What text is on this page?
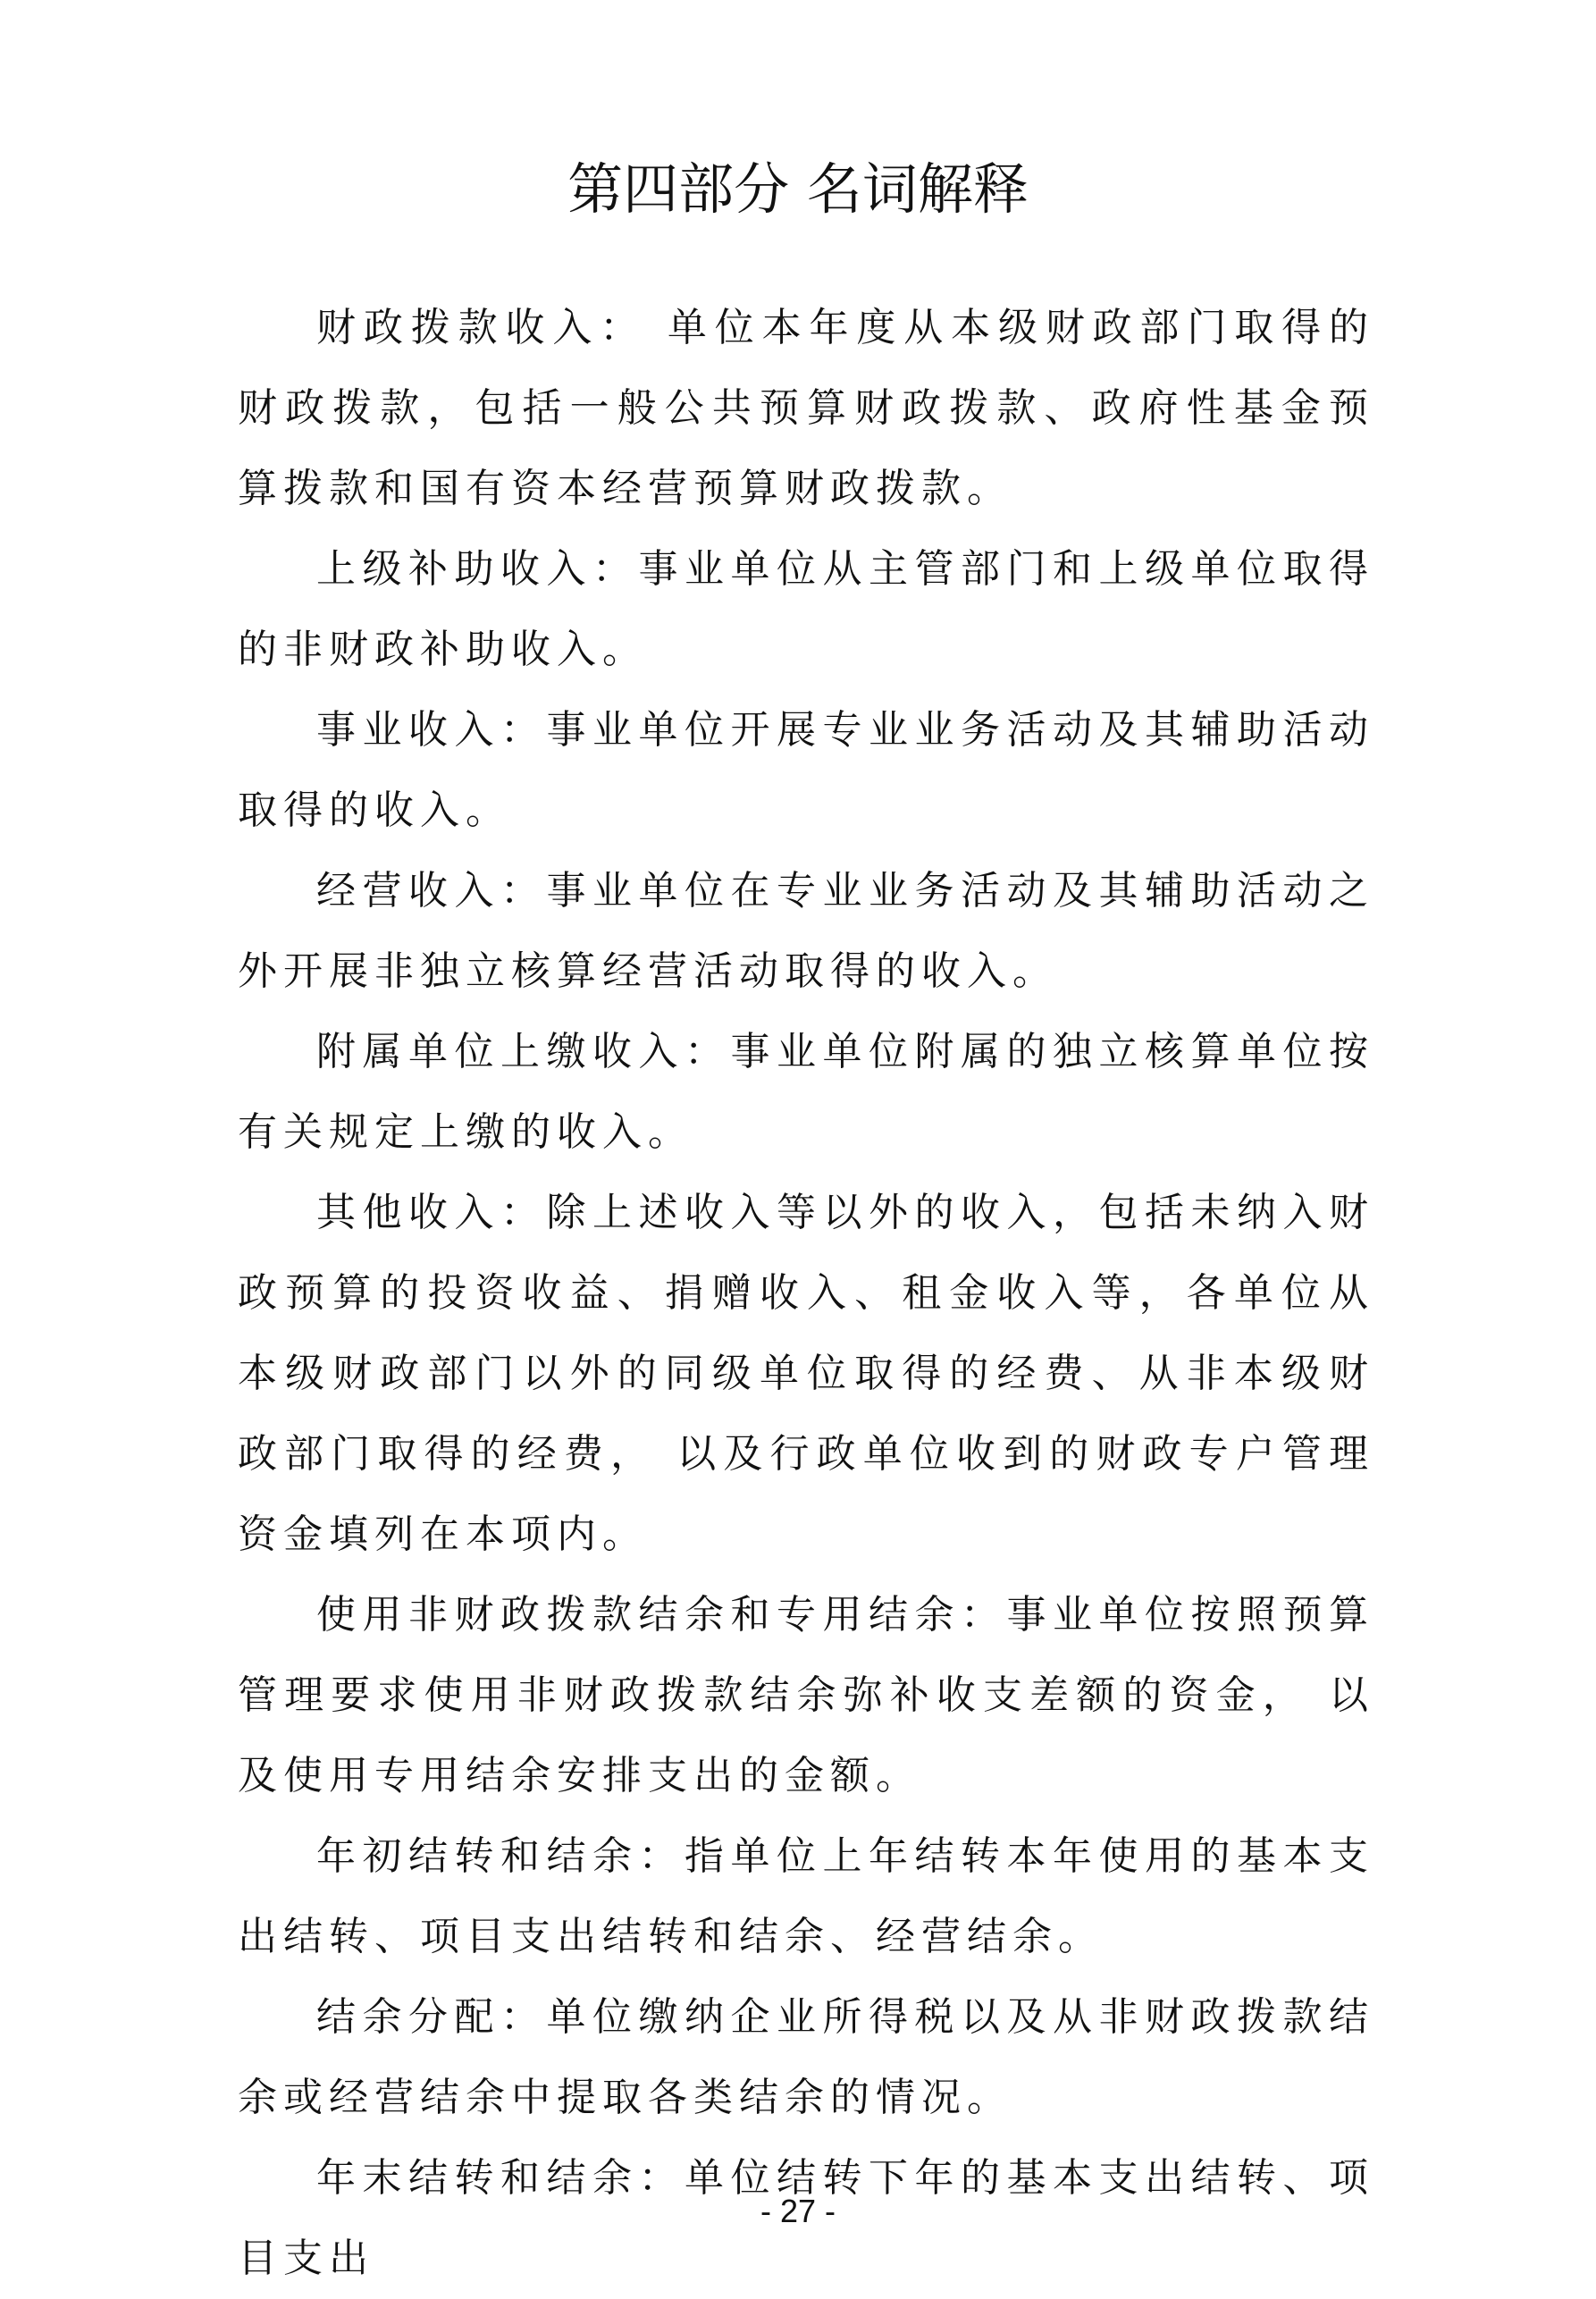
第四部分 名词解释

财政拨款收入： 单位本年度从本级财政部门取得的财政拨款，包括一般公共预算财政拨款、政府性基金预算拨款和国有资本经营预算财政拨款。

上级补助收入：事业单位从主管部门和上级单位取得的非财政补助收入。

事业收入：事业单位开展专业业务活动及其辅助活动取得的收入。

经营收入：事业单位在专业业务活动及其辅助活动之外开展非独立核算经营活动取得的收入。

附属单位上缴收入：事业单位附属的独立核算单位按有关规定上缴的收入。

其他收入：除上述收入等以外的收入，包括未纳入财政预算的投资收益、捐赠收入、租金收入等，各单位从本级财政部门以外的同级单位取得的经费、从非本级财政部门取得的经费， 以及行政单位收到的财政专户管理资金填列在本项内。

使用非财政拨款结余和专用结余：事业单位按照预算管理要求使用非财政拨款结余弥补收支差额的资金， 以及使用专用结余安排支出的金额。

年初结转和结余：指单位上年结转本年使用的基本支出结转、项目支出结转和结余、经营结余。

结余分配：单位缴纳企业所得税以及从非财政拨款结余或经营结余中提取各类结余的情况。

年末结转和结余：单位结转下年的基本支出结转、项目支出

- 27 -
